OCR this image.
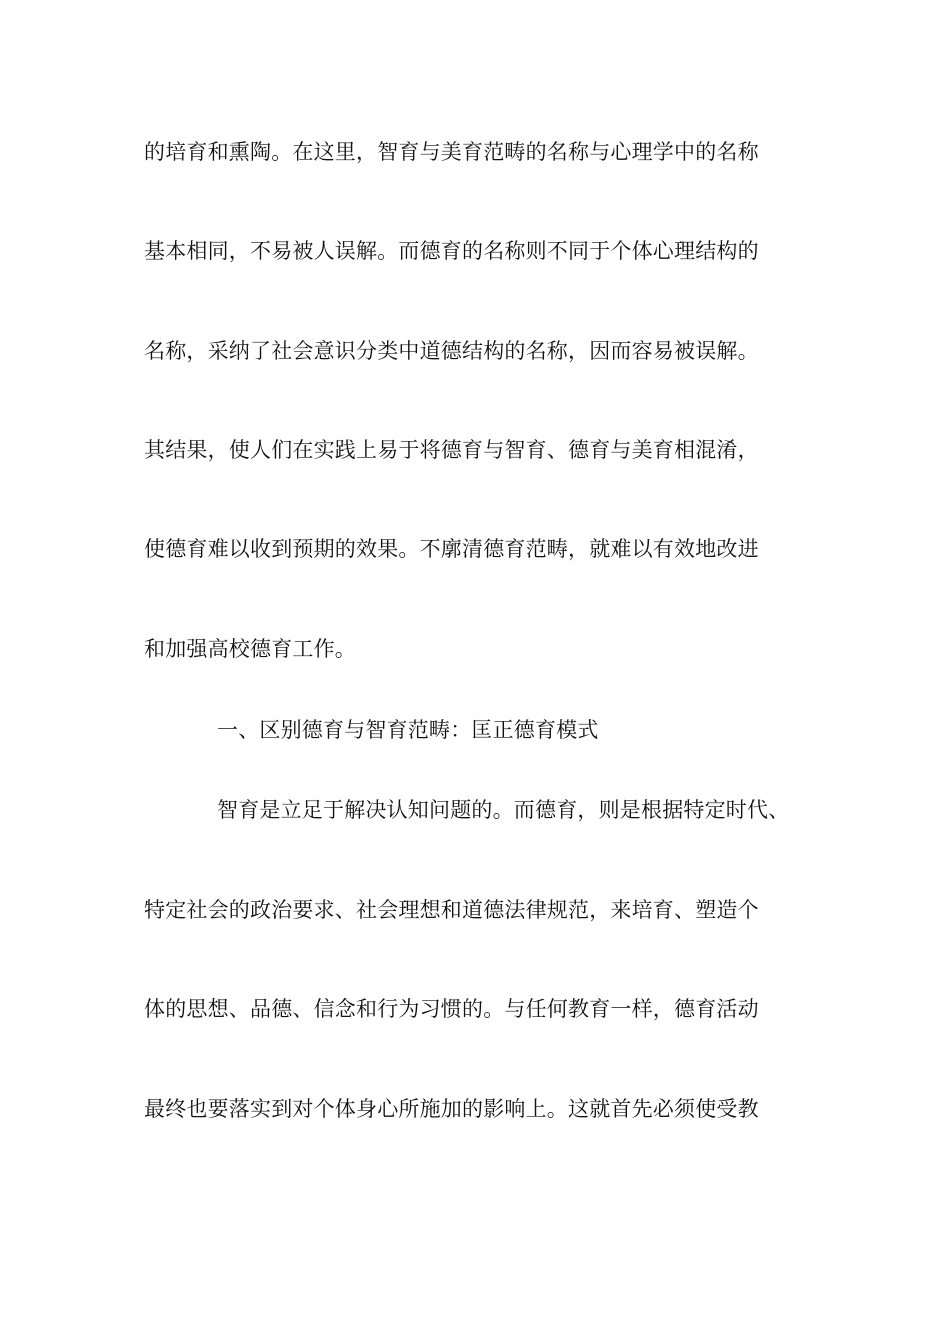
的培育和熏陶。在这里，智育与美育范畴的名称与心理学中的名称
基本相同，不易被人误解。而德育的名称则不同于个体心理结构的
名称，采纳了社会意识分类中道德结构的名称，因而容易被误解。
其结果，使人们在实践上易于将德育与智育、德育与美育相混淆，
使德育难以收到预期的效果。不廓清德育范畴，就难以有效地改进
和加强高校德育工作。
一、区别德育与智育范畴：匡正德育模式
智育是立足于解决认知问题的。而德育，则是根据特定时代、
特定社会的政治要求、社会理想和道德法律规范，来培育、塑造个
体的思想、品德、信念和行为习惯的。与任何教育一样，德育活动
最终也要落实到对个体身心所施加的影响上。这就首先必须使受教
